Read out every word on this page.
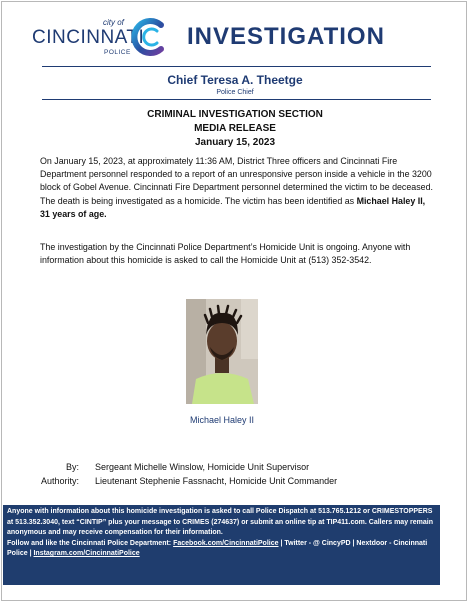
city of
CINCINNATI
POLICE
INVESTIGATION
Chief Teresa A. Theetge
Police Chief
CRIMINAL INVESTIGATION SECTION
MEDIA RELEASE
January 15, 2023
On January 15, 2023, at approximately 11:36 AM, District Three officers and Cincinnati Fire Department personnel responded to a report of an unresponsive person inside a vehicle in the 3200 block of Gobel Avenue. Cincinnati Fire Department personnel determined the victim to be deceased. The death is being investigated as a homicide. The victim has been identified as Michael Haley II, 31 years of age.
The investigation by the Cincinnati Police Department’s Homicide Unit is ongoing. Anyone with information about this homicide is asked to call the Homicide Unit at (513) 352-3542.
Michael Haley II
By: Sergeant Michelle Winslow, Homicide Unit Supervisor
Authority: Lieutenant Stephenie Fassnacht, Homicide Unit Commander
Anyone with information about this homicide investigation is asked to call Police Dispatch at 513.765.1212 or CRIMESTOPPERS at 513.352.3040, text “CINTIP” plus your message to CRIMES (274637) or submit an online tip at TIP411.com. Callers may remain anonymous and may receive compensation for their information.
Follow and like the Cincinnati Police Department: Facebook.com/CincinnatiPolice | Twitter - @ CincyPD | Nextdoor - Cincinnati Police | Instagram.com/CincinnatiPolice
